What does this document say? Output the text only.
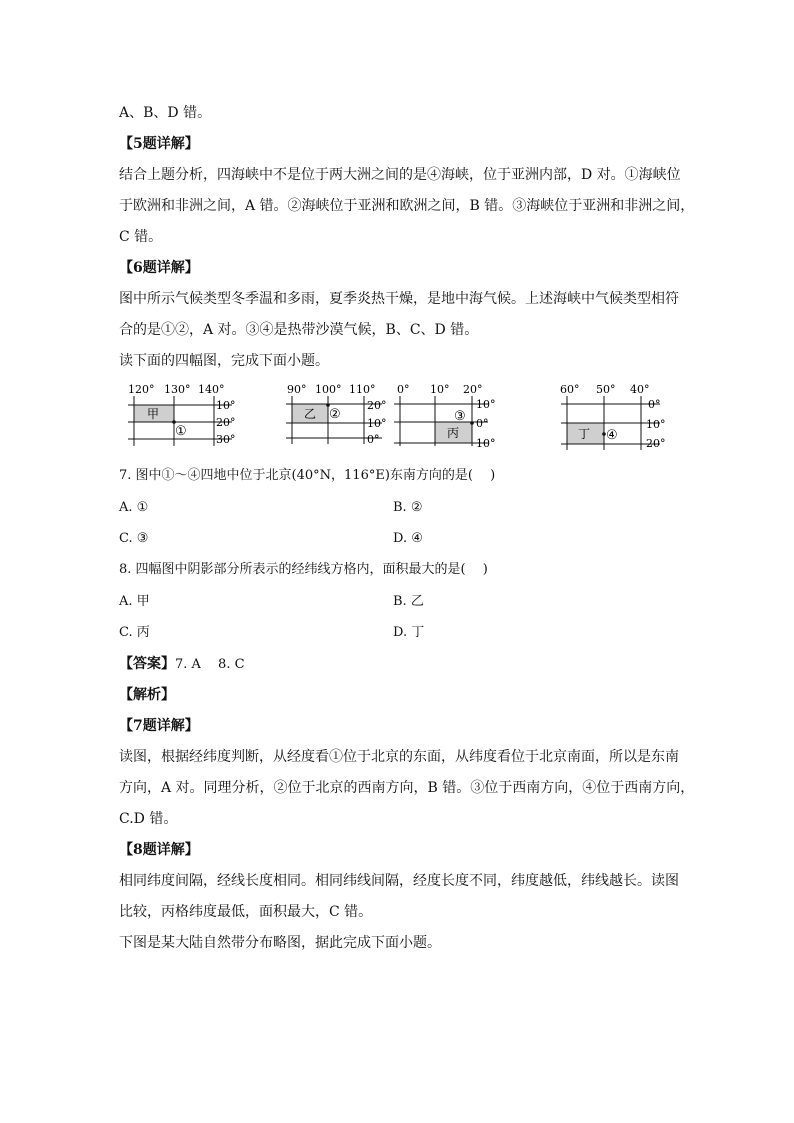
A、B、D 错。
【5题详解】
结合上题分析，四海峡中不是位于两大洲之间的是④海峡，位于亚洲内部，D 对。①海峡位
于欧洲和非洲之间，A 错。②海峡位于亚洲和欧洲之间，B 错。③海峡位于亚洲和非洲之间，
C 错。
【6题详解】
图中所示气候类型冬季温和多雨，夏季炎热干燥，是地中海气候。上述海峡中气候类型相符
合的是①②，A 对。③④是热带沙漠气候，B、C、D 错。
读下面的四幅图，完成下面小题。
120° 130° 140°
10°
20°
30°
甲
①
90° 100° 110°
20°
10°
0°
乙 ②
0° 10° 20°
10°
0°
10°
丙
③
60° 50° 40°
0°
10°
20°
丁 ④
7. 图中①～④四地中位于北京(40°N，116°E)东南方向的是(　 )
A. ①	B. ②
C. ③	D. ④
8. 四幅图中阴影部分所表示的经纬线方格内，面积最大的是(　 )
A. 甲	B. 乙
C. 丙	D. 丁
【答案】7. A　 8. C
【解析】
【7题详解】
读图，根据经纬度判断，从经度看①位于北京的东面，从纬度看位于北京南面，所以是东南
方向，A 对。同理分析，②位于北京的西南方向，B 错。③位于西南方向，④位于西南方向，
C.D 错。
【8题详解】
相同纬度间隔，经线长度相同。相同纬线间隔，经度长度不同，纬度越低，纬线越长。读图
比较，丙格纬度最低，面积最大，C 错。
下图是某大陆自然带分布略图，据此完成下面小题。
